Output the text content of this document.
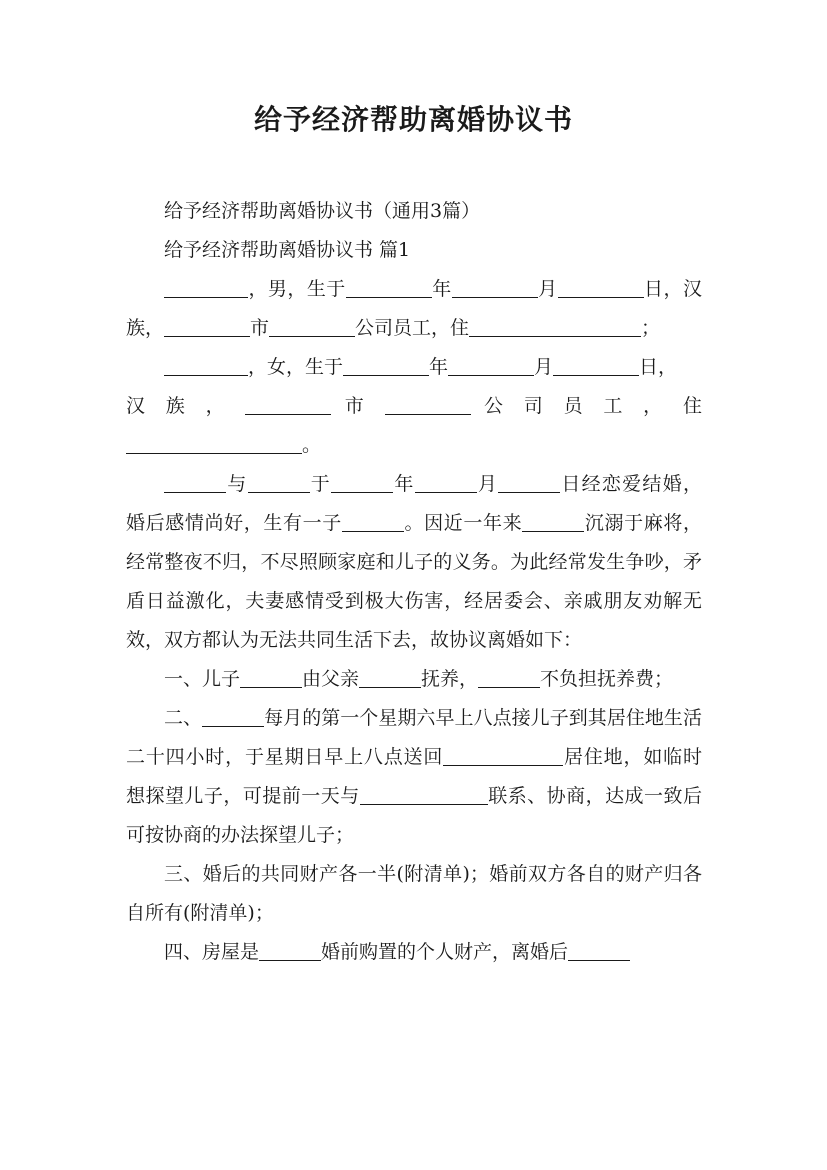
给予经济帮助离婚协议书

给予经济帮助离婚协议书（通用3篇）

给予经济帮助离婚协议书 篇1

，男，生于	年	月	日，汉族，	市	公司员工，住	；

，女，生于	年	月	日，

汉 族 ，	市	公 司 员 工 ， 住

。

与	于	年	月	日经恋爱结婚，婚后感情尚好，生有一子	。因近一年来	沉溺于麻将，经常整夜不归，不尽照顾家庭和儿子的义务。为此经常发生争吵，矛盾日益激化，夫妻感情受到极大伤害，经居委会、亲戚朋友劝解无效，双方都认为无法共同生活下去，故协议离婚如下：

一、儿子	由父亲	抚养，	不负担抚养费；

二、	每月的第一个星期六早上八点接儿子到其居住地生活二十四小时，于星期日早上八点送回	居住地，如临时想探望儿子，可提前一天与	联系、协商，达成一致后可按协商的办法探望儿子；

三、婚后的共同财产各一半(附清单)；婚前双方各自的财产归各自所有(附清单)；

四、房屋是	婚前购置的个人财产，离婚后
